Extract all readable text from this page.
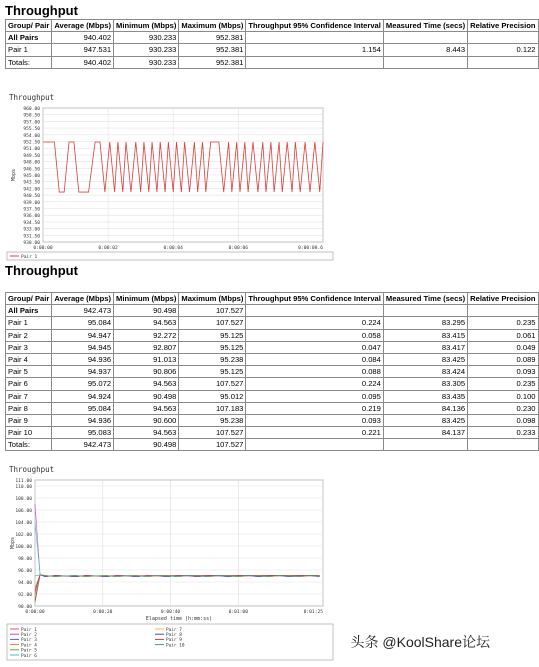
Throughput
Group/ Pair	Average (Mbps)	Minimum (Mbps)	Maximum (Mbps)	Throughput 95% Confidence Interval	Measured Time (secs)	Relative Precision
All Pairs	940.402	930.233	952.381			
Pair 1	947.531	930.233	952.381	1.154	8.443	0.122
Totals:	940.402	930.233	952.381			
Throughput
960.00
958.50
957.00
955.50
954.00
952.50
951.00
949.50
948.00
946.50
945.00
943.50
942.00
940.50
939.00
937.50
936.00
934.50
933.00
931.50
930.00
0:00:00	0:00:02	0:00:04	0:00:06	0:00:08.6
Mbps
Pair 1
Throughput
Group/ Pair	Average (Mbps)	Minimum (Mbps)	Maximum (Mbps)	Throughput 95% Confidence Interval	Measured Time (secs)	Relative Precision
All Pairs	942.473	90.498	107.527			
Pair 1	95.084	94.563	107.527	0.224	83.295	0.235
Pair 2	94.947	92.272	95.125	0.058	83.415	0.061
Pair 3	94.945	92.807	95.125	0.047	83.417	0.049
Pair 4	94.936	91.013	95.238	0.084	83.425	0.089
Pair 5	94.937	90.806	95.125	0.088	83.424	0.093
Pair 6	95.072	94.563	107.527	0.224	83.305	0.235
Pair 7	94.924	90.498	95.012	0.095	83.435	0.100
Pair 8	95.084	94.563	107.183	0.219	84.136	0.230
Pair 9	94.936	90.600	95.238	0.093	83.425	0.098
Pair 10	95.083	94.563	107.527	0.221	84.137	0.233
Totals:	942.473	90.498	107.527			
Throughput
111.00
110.00
108.00
106.00
104.00
102.00
100.00
98.00
96.00
94.00
92.00
90.00
0:00:00	0:00:20	0:00:40	0:01:00	0:01:25
Mbps
Elapsed time (h:mm:ss)
Pair 1
Pair 2
Pair 3
Pair 4
Pair 5
Pair 6
Pair 7
Pair 8
Pair 9
Pair 10	头条 @KoolShare论坛
